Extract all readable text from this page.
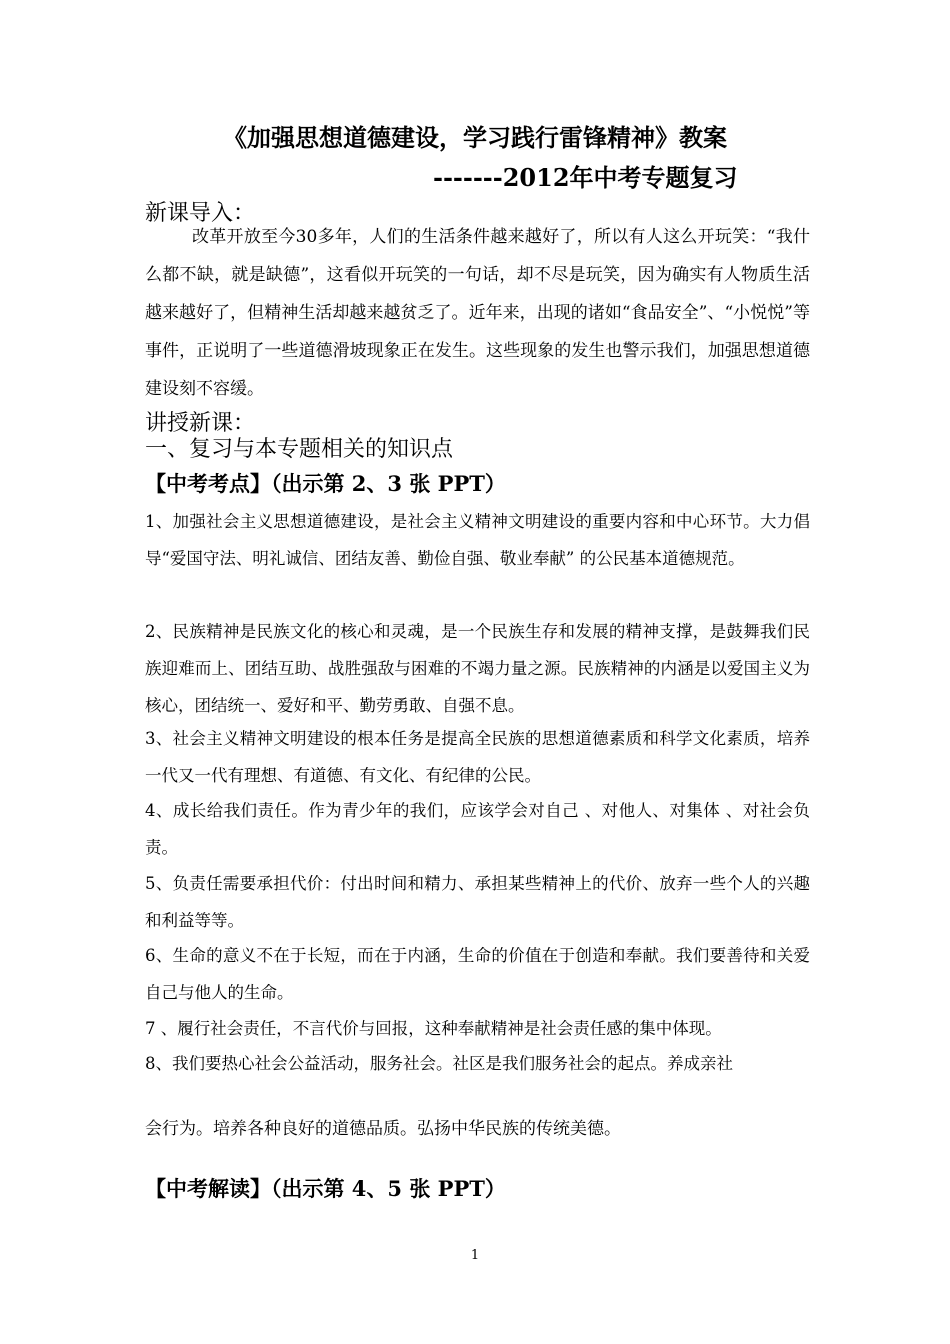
《加强思想道德建设，学习践行雷锋精神》教案
-------2012年中考专题复习
新课导入：
改革开放至今30多年，人们的生活条件越来越好了，所以有人这么开玩笑：“我什么都不缺，就是缺德”，这看似开玩笑的一句话，却不尽是玩笑，因为确实有人物质生活越来越好了，但精神生活却越来越贫乏了。近年来，出现的诸如“食品安全”、“小悦悦”等事件，正说明了一些道德滑坡现象正在发生。这些现象的发生也警示我们，加强思想道德建设刻不容缓。
讲授新课：
一、复习与本专题相关的知识点
【中考考点】（出示第 2、3 张 PPT）
1、加强社会主义思想道德建设，是社会主义精神文明建设的重要内容和中心环节。大力倡导“爱国守法、明礼诚信、团结友善、勤俭自强、敬业奉献” 的公民基本道德规范。
2、民族精神是民族文化的核心和灵魂，是一个民族生存和发展的精神支撑，是鼓舞我们民族迎难而上、团结互助、战胜强敌与困难的不竭力量之源。民族精神的内涵是以爱国主义为核心，团结统一、爱好和平、勤劳勇敢、自强不息。
3、社会主义精神文明建设的根本任务是提高全民族的思想道德素质和科学文化素质，培养一代又一代有理想、有道德、有文化、有纪律的公民。
4、成长给我们责任。作为青少年的我们，应该学会对自己 、对他人、对集体 、对社会负责。
5、负责任需要承担代价：付出时间和精力、承担某些精神上的代价、放弃一些个人的兴趣和利益等等。
6、生命的意义不在于长短，而在于内涵，生命的价值在于创造和奉献。我们要善待和关爱自己与他人的生命。
7 、履行社会责任，不言代价与回报，这种奉献精神是社会责任感的集中体现。
8、我们要热心社会公益活动，服务社会。社区是我们服务社会的起点。养成亲社
会行为。培养各种良好的道德品质。弘扬中华民族的传统美德。
【中考解读】（出示第 4、5 张 PPT）
1
